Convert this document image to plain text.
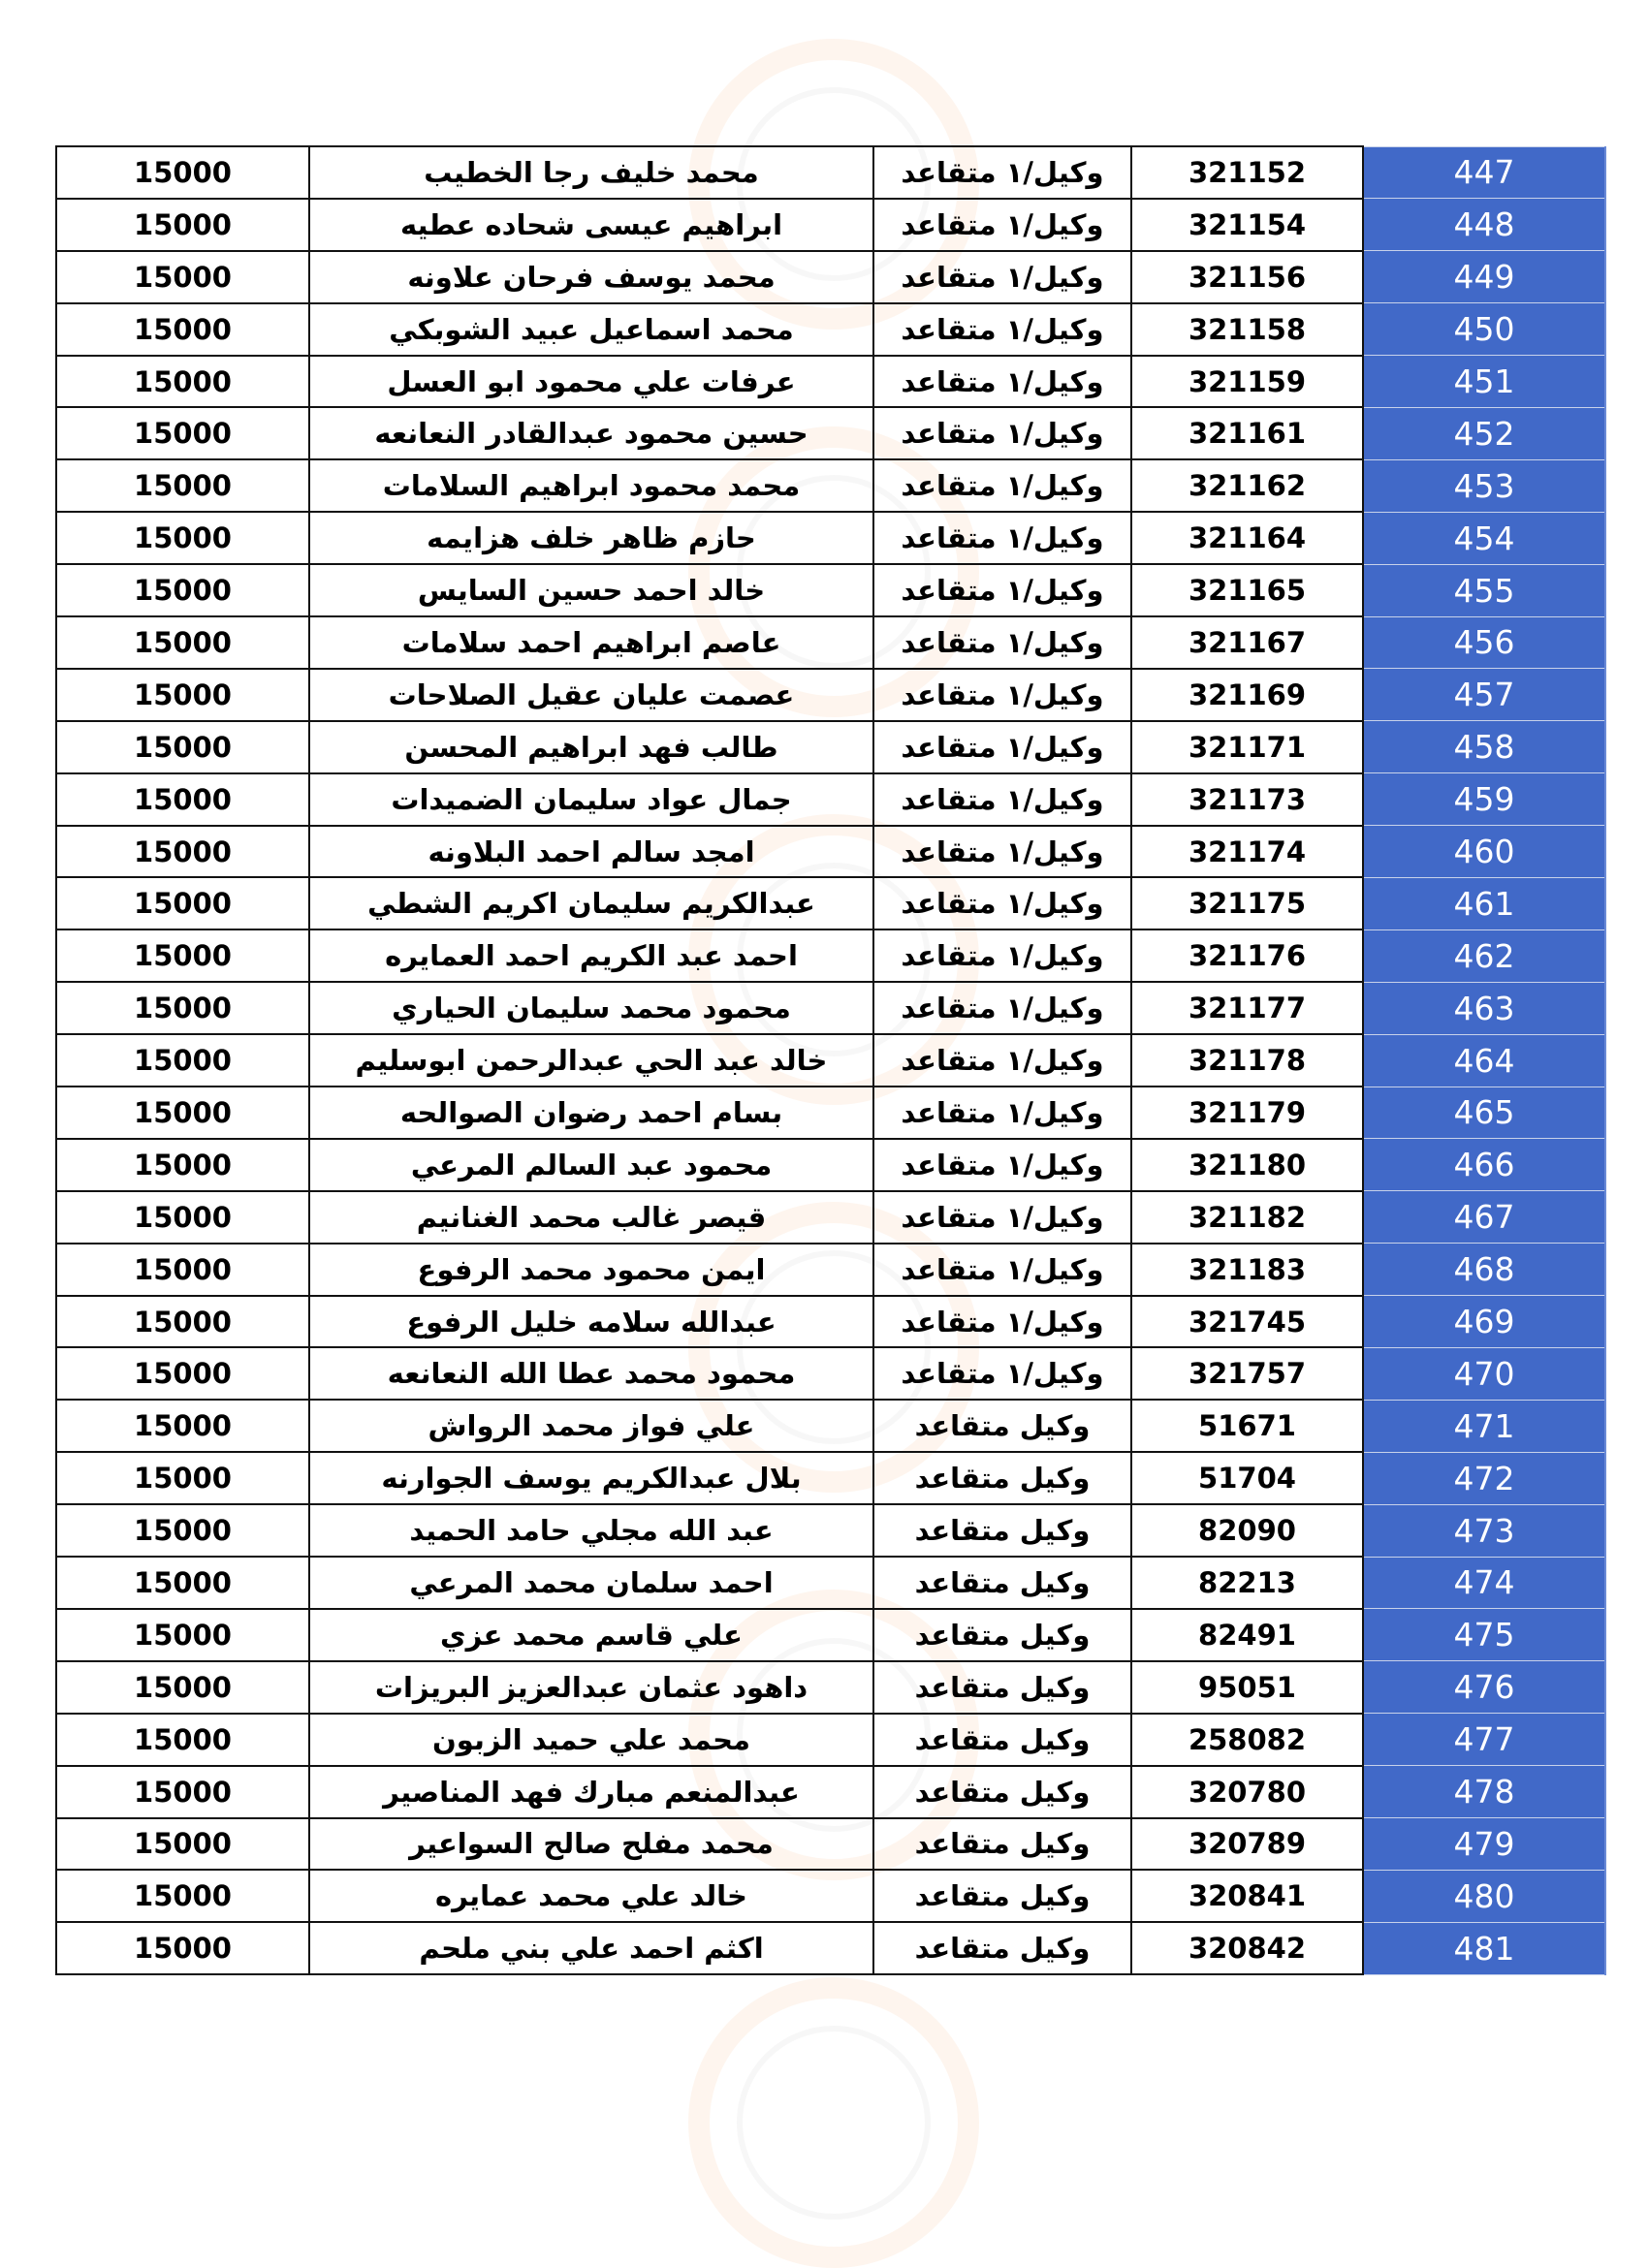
15000	محمد خليف رجا الخطيب	وكيل/١ متقاعد	321152	447
15000	ابراهيم عيسى شحاده عطيه	وكيل/١ متقاعد	321154	448
15000	محمد يوسف فرحان علاونه	وكيل/١ متقاعد	321156	449
15000	محمد اسماعيل عبيد الشوبكي	وكيل/١ متقاعد	321158	450
15000	عرفات علي محمود ابو العسل	وكيل/١ متقاعد	321159	451
15000	حسين محمود عبدالقادر النعانعه	وكيل/١ متقاعد	321161	452
15000	محمد محمود ابراهيم السلامات	وكيل/١ متقاعد	321162	453
15000	حازم ظاهر خلف هزايمه	وكيل/١ متقاعد	321164	454
15000	خالد احمد حسين السايس	وكيل/١ متقاعد	321165	455
15000	عاصم ابراهيم احمد سلامات	وكيل/١ متقاعد	321167	456
15000	عصمت عليان عقيل الصلاحات	وكيل/١ متقاعد	321169	457
15000	طالب فهد ابراهيم المحسن	وكيل/١ متقاعد	321171	458
15000	جمال عواد سليمان الضميدات	وكيل/١ متقاعد	321173	459
15000	امجد سالم احمد البلاونه	وكيل/١ متقاعد	321174	460
15000	عبدالكريم سليمان اكريم الشطي	وكيل/١ متقاعد	321175	461
15000	احمد عبد الكريم احمد العمايره	وكيل/١ متقاعد	321176	462
15000	محمود محمد سليمان الحياري	وكيل/١ متقاعد	321177	463
15000	خالد عبد الحي عبدالرحمن ابوسليم	وكيل/١ متقاعد	321178	464
15000	بسام احمد رضوان الصوالحه	وكيل/١ متقاعد	321179	465
15000	محمود عبد السالم المرعي	وكيل/١ متقاعد	321180	466
15000	قيصر غالب محمد الغنانيم	وكيل/١ متقاعد	321182	467
15000	ايمن محمود محمد الرفوع	وكيل/١ متقاعد	321183	468
15000	عبدالله سلامه خليل الرفوع	وكيل/١ متقاعد	321745	469
15000	محمود محمد عطا الله النعانعه	وكيل/١ متقاعد	321757	470
15000	علي فواز محمد الرواش	وكيل متقاعد	51671	471
15000	بلال عبدالكريم يوسف الجوارنه	وكيل متقاعد	51704	472
15000	عبد الله مجلي حامد الحميد	وكيل متقاعد	82090	473
15000	احمد سلمان محمد المرعي	وكيل متقاعد	82213	474
15000	علي قاسم محمد عزي	وكيل متقاعد	82491	475
15000	داهود عثمان عبدالعزيز البريزات	وكيل متقاعد	95051	476
15000	محمد علي حميد الزبون	وكيل متقاعد	258082	477
15000	عبدالمنعم مبارك فهد المناصير	وكيل متقاعد	320780	478
15000	محمد مفلح صالح السواعير	وكيل متقاعد	320789	479
15000	خالد علي محمد عمايره	وكيل متقاعد	320841	480
15000	اكثم احمد علي بني ملحم	وكيل متقاعد	320842	481
